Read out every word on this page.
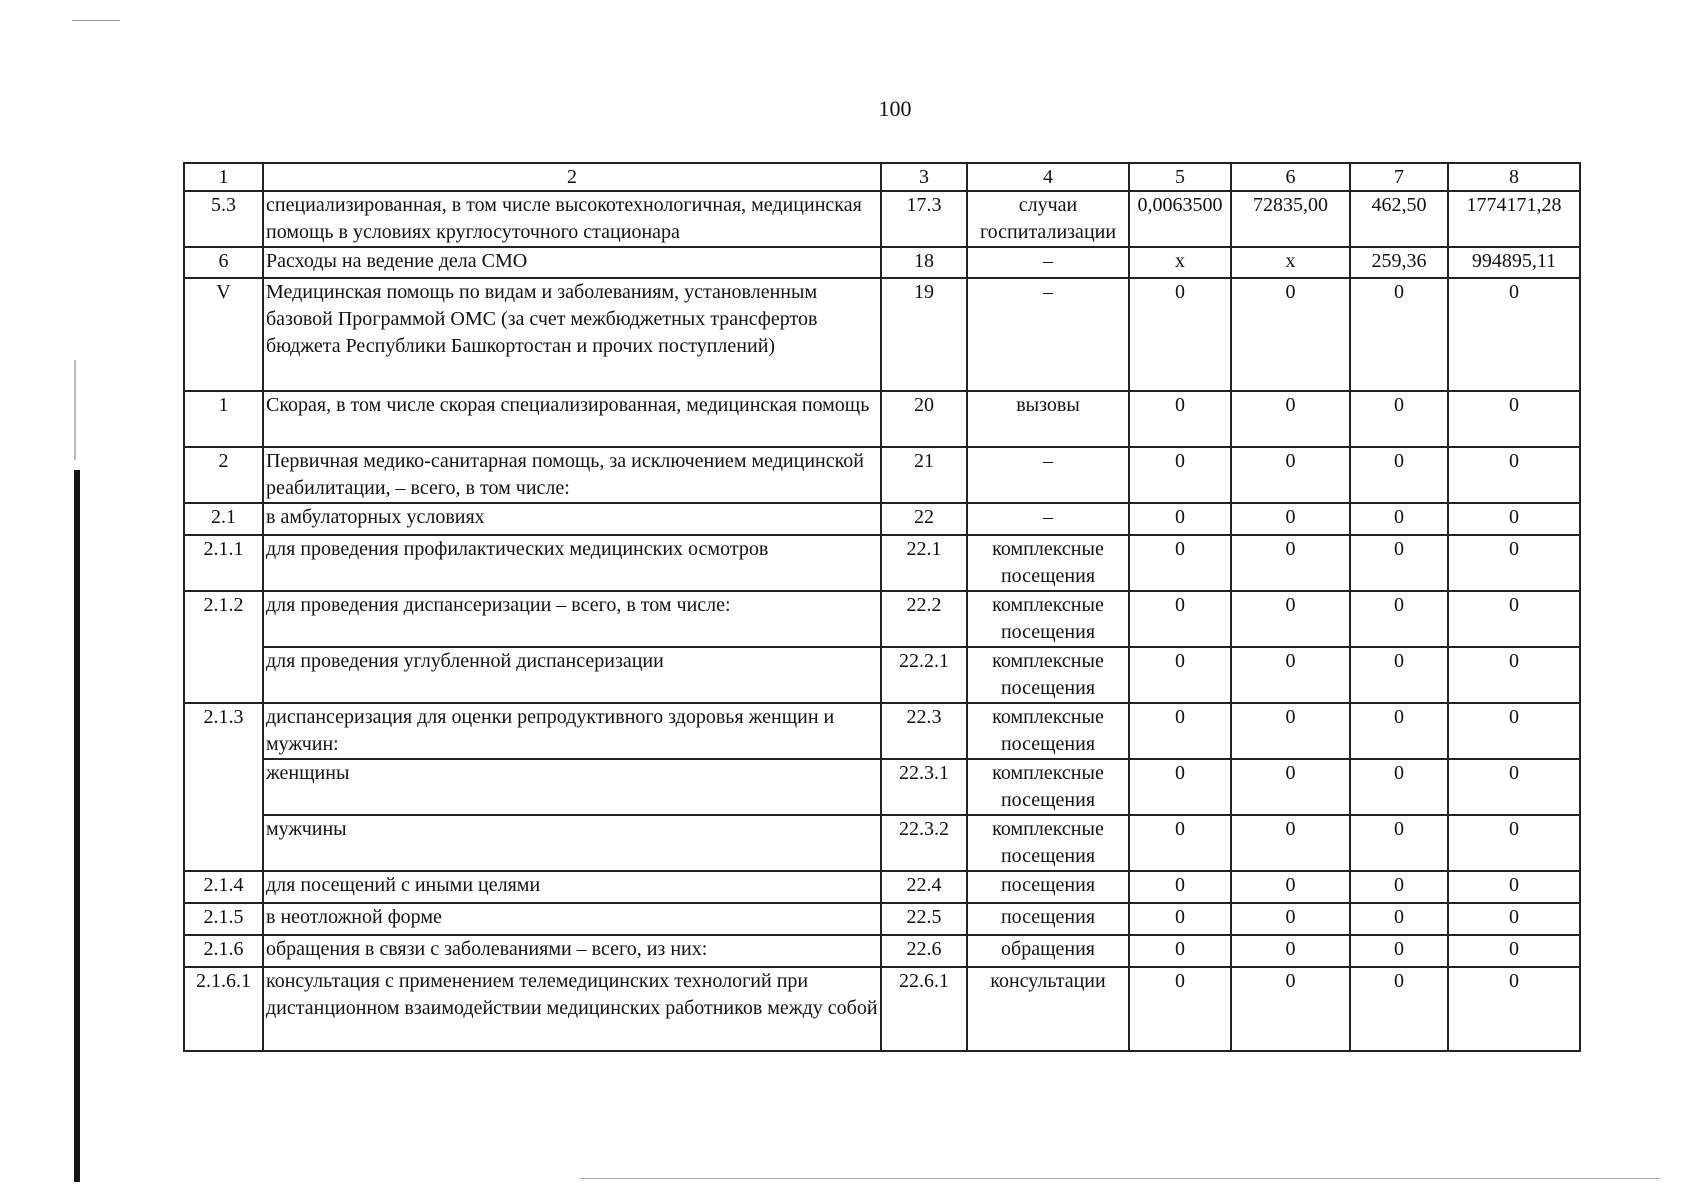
100
1	2	3	4	5	6	7	8
5.3	специализированная, в том числе высокотехнологичная, медицинская помощь в условиях круглосуточного стационара	17.3	случаи госпитализации	0,0063500	72835,00	462,50	1774171,28
6	Расходы на ведение дела СМО	18	–	х	х	259,36	994895,11
V	Медицинская помощь по видам и заболеваниям, установленным базовой Программой ОМС (за счет межбюджетных трансфертов бюджета Республики Башкортостан и прочих поступлений)	19	–	0	0	0	0
1	Скорая, в том числе скорая специализированная, медицинская помощь	20	вызовы	0	0	0	0
2	Первичная медико-санитарная помощь, за исключением медицинской реабилитации, – всего, в том числе:	21	–	0	0	0	0
2.1	в амбулаторных условиях	22	–	0	0	0	0
2.1.1	для проведения профилактических медицинских осмотров	22.1	комплексные посещения	0	0	0	0
2.1.2	для проведения диспансеризации – всего, в том числе:	22.2	комплексные посещения	0	0	0	0
	для проведения углубленной диспансеризации	22.2.1	комплексные посещения	0	0	0	0
2.1.3	диспансеризация для оценки репродуктивного здоровья женщин и мужчин:	22.3	комплексные посещения	0	0	0	0
	женщины	22.3.1	комплексные посещения	0	0	0	0
	мужчины	22.3.2	комплексные посещения	0	0	0	0
2.1.4	для посещений с иными целями	22.4	посещения	0	0	0	0
2.1.5	в неотложной форме	22.5	посещения	0	0	0	0
2.1.6	обращения в связи с заболеваниями – всего, из них:	22.6	обращения	0	0	0	0
2.1.6.1	консультация с применением телемедицинских технологий при дистанционном взаимодействии медицинских работников между собой	22.6.1	консультации	0	0	0	0
